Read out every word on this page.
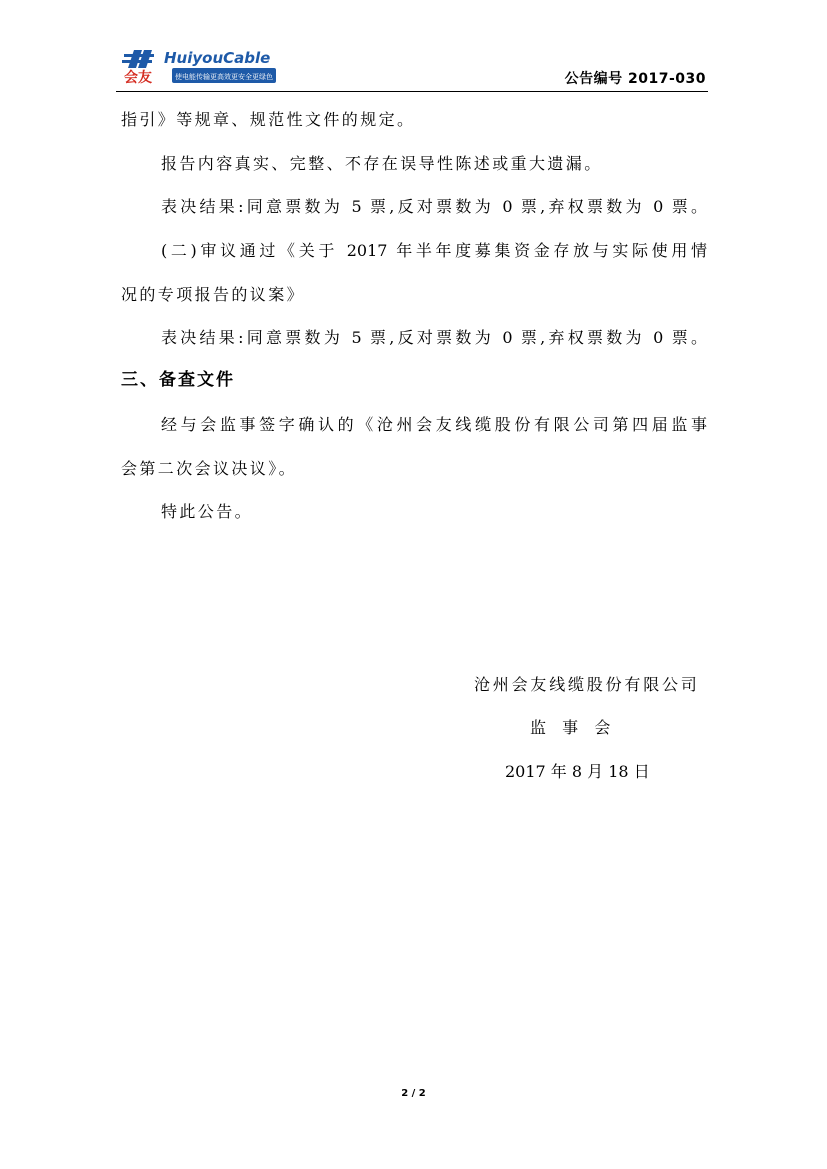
会友
HuiyouCable
使电能传输更高效更安全更绿色	公告编号 2017-030
指引》等规章、规范性文件的规定。
报告内容真实、完整、不存在误导性陈述或重大遗漏。
表决结果:同意票数为 5 票,反对票数为 0 票,弃权票数为 0 票。
(二)审议通过《关于 2017 年半年度募集资金存放与实际使用情
况的专项报告的议案》
表决结果:同意票数为 5 票,反对票数为 0 票,弃权票数为 0 票。
三、备查文件
经与会监事签字确认的《沧州会友线缆股份有限公司第四届监事
会第二次会议决议》。
特此公告。
沧州会友线缆股份有限公司
监  事  会
2017 年 8 月 18 日
2 / 2
